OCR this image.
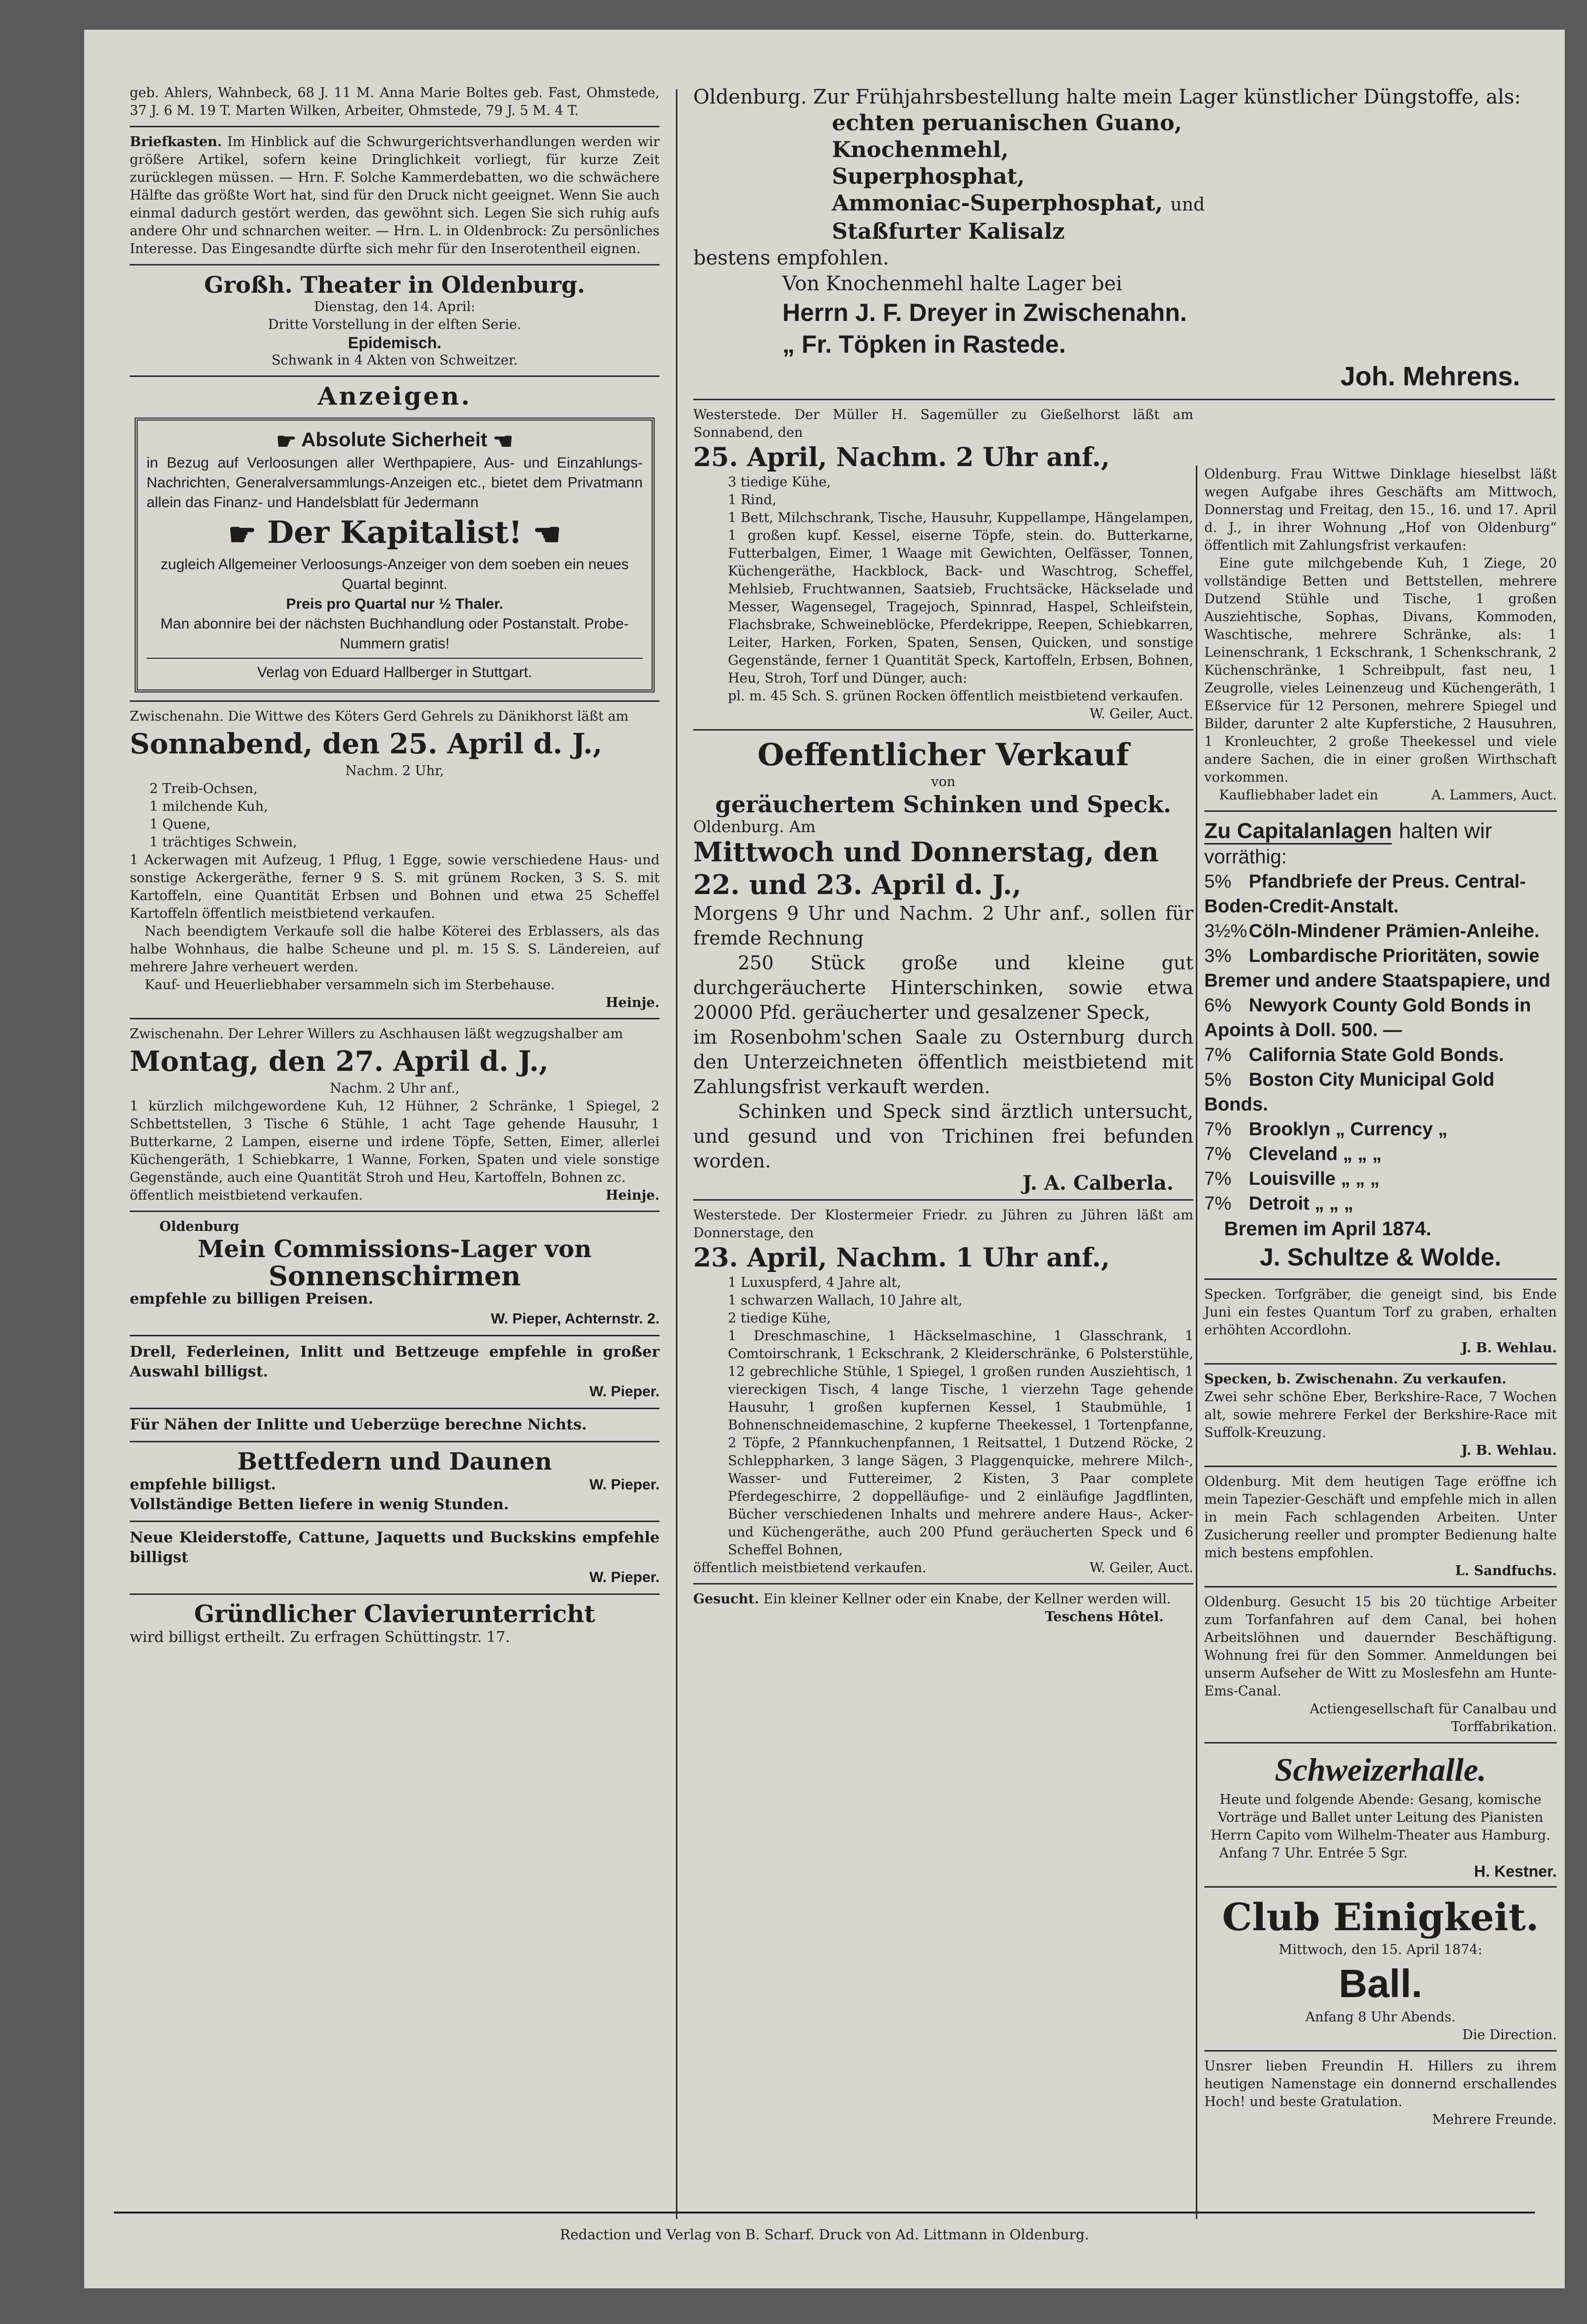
geb. Ahlers, Wahnbeck, 68 J. 11 M. Anna Marie Boltes geb. Fast, Ohmstede, 37 J. 6 M. 19 T. Marten Wilken, Arbeiter, Ohmstede, 79 J. 5 M. 4 T.

Briefkasten. Im Hinblick auf die Schwurgerichtsverhandlungen werden wir größere Artikel, sofern keine Dringlichkeit vorliegt, für kurze Zeit zurücklegen müssen. — Hrn. F. Solche Kammerdebatten, wo die schwächere Hälfte das größte Wort hat, sind für den Druck nicht geeignet. Wenn Sie auch einmal dadurch gestört werden, das gewöhnt sich. Legen Sie sich ruhig aufs andere Ohr und schnarchen weiter. — Hrn. L. in Oldenbrock: Zu persönliches Interesse. Das Eingesandte dürfte sich mehr für den Inserotentheil eignen.

Großh. Theater in Oldenburg.

Dienstag, den 14. April:

Dritte Vorstellung in der elften Serie.

Epidemisch.

Schwank in 4 Akten von Schweitzer.

Anzeigen.

☛ Absolute Sicherheit ☚

in Bezug auf Verloosungen aller Werthpapiere, Aus- und Einzahlungs-Nachrichten, Generalversammlungs-Anzeigen etc., bietet dem Privatmann allein das Finanz- und Handelsblatt für Jedermann

☛ Der Kapitalist! ☚

zugleich Allgemeiner Verloosungs-Anzeiger von dem soeben ein neues Quartal beginnt.

Preis pro Quartal nur ½ Thaler.

Man abonnire bei der nächsten Buchhandlung oder Postanstalt. Probe-Nummern gratis!

Verlag von Eduard Hallberger in Stuttgart.

Zwischenahn. Die Wittwe des Köters Gerd Gehrels zu Dänikhorst läßt am

Sonnabend, den 25. April d. J.,

Nachm. 2 Uhr,

2 Treib-Ochsen,

1 milchende Kuh,

1 Quene,

1 trächtiges Schwein,

1 Ackerwagen mit Aufzeug, 1 Pflug, 1 Egge, sowie verschiedene Haus- und sonstige Ackergeräthe, ferner 9 S. S. mit grünem Rocken, 3 S. S. mit Kartoffeln, eine Quantität Erbsen und Bohnen und etwa 25 Scheffel Kartoffeln öffentlich meistbietend verkaufen.

Nach beendigtem Verkaufe soll die halbe Köterei des Erblassers, als das halbe Wohnhaus, die halbe Scheune und pl. m. 15 S. S. Ländereien, auf mehrere Jahre verheuert werden.

Kauf- und Heuerliebhaber versammeln sich im Sterbehause.

Heinje.

Zwischenahn. Der Lehrer Willers zu Aschhausen läßt wegzugshalber am

Montag, den 27. April d. J.,

Nachm. 2 Uhr anf.,

1 kürzlich milchgewordene Kuh, 12 Hühner, 2 Schränke, 1 Spiegel, 2 Schbettstellen, 3 Tische 6 Stühle, 1 acht Tage gehende Hausuhr, 1 Butterkarne, 2 Lampen, eiserne und irdene Töpfe, Setten, Eimer, allerlei Küchengeräth, 1 Schiebkarre, 1 Wanne, Forken, Spaten und viele sonstige Gegenstände, auch eine Quantität Stroh und Heu, Kartoffeln, Bohnen zc.

öffentlich meistbietend verkaufen.	Heinje.

Oldenburg

Mein Commissions-Lager von

Sonnenschirmen

empfehle zu billigen Preisen.

W. Pieper, Achternstr. 2.

Drell, Federleinen, Inlitt und Bettzeuge empfehle in großer Auswahl billigst.

W. Pieper.

Für Nähen der Inlitte und Ueberzüge berechne Nichts.

Bettfedern und Daunen

empfehle billigst.	W. Pieper.

Vollständige Betten liefere in wenig Stunden.

Neue Kleiderstoffe, Cattune, Jaquetts und Buckskins empfehle billigst

W. Pieper.

Gründlicher Clavierunterricht

wird billigst ertheilt. Zu erfragen Schüttingstr. 17.

Oldenburg. Zur Frühjahrsbestellung halte mein Lager künstlicher Düngstoffe, als:

echten peruanischen Guano,

Knochenmehl,

Superphosphat,

Ammoniac-Superphosphat, und

Staßfurter Kalisalz

bestens empfohlen.

Von Knochenmehl halte Lager bei

Herrn J. F. Dreyer in Zwischenahn.

„ Fr. Töpken in Rastede.

Joh. Mehrens.

Westerstede. Der Müller H. Sagemüller zu Gießelhorst läßt am Sonnabend, den

25. April, Nachm. 2 Uhr anf.,

3 tiedige Kühe,

1 Rind,

1 Bett, Milchschrank, Tische, Hausuhr, Kuppellampe, Hängelampen, 1 großen kupf. Kessel, eiserne Töpfe, stein. do. Butterkarne, Futterbalgen, Eimer, 1 Waage mit Gewichten, Oelfässer, Tonnen, Küchengeräthe, Hackblock, Back- und Waschtrog, Scheffel, Mehlsieb, Fruchtwannen, Saatsieb, Fruchtsäcke, Häckselade und Messer, Wagensegel, Tragejoch, Spinnrad, Haspel, Schleifstein, Flachsbrake, Schweineblöcke, Pferdekrippe, Reepen, Schiebkarren, Leiter, Harken, Forken, Spaten, Sensen, Quicken, und sonstige Gegenstände, ferner 1 Quantität Speck, Kartoffeln, Erbsen, Bohnen, Heu, Stroh, Torf und Dünger, auch:

pl. m. 45 Sch. S. grünen Rocken öffentlich meistbietend verkaufen.

W. Geiler, Auct.

Oeffentlicher Verkauf

von

geräuchertem Schinken und Speck.

Oldenburg. Am

Mittwoch und Donnerstag, den 22. und 23. April d. J.,

Morgens 9 Uhr und Nachm. 2 Uhr anf., sollen für fremde Rechnung

250 Stück große und kleine gut durchgeräucherte Hinterschinken, sowie etwa 20000 Pfd. geräucherter und gesalzener Speck,

im Rosenbohm'schen Saale zu Osternburg durch den Unterzeichneten öffentlich meistbietend mit Zahlungsfrist verkauft werden.

Schinken und Speck sind ärztlich untersucht, und gesund und von Trichinen frei befunden worden.

J. A. Calberla.

Westerstede. Der Klostermeier Friedr. zu Jühren zu Jühren läßt am Donnerstage, den

23. April, Nachm. 1 Uhr anf.,

1 Luxuspferd, 4 Jahre alt,

1 schwarzen Wallach, 10 Jahre alt,

2 tiedige Kühe,

1 Dreschmaschine, 1 Häckselmaschine, 1 Glasschrank, 1 Comtoirschrank, 1 Eckschrank, 2 Kleiderschränke, 6 Polsterstühle, 12 gebrechliche Stühle, 1 Spiegel, 1 großen runden Ausziehtisch, 1 viereckigen Tisch, 4 lange Tische, 1 vierzehn Tage gehende Hausuhr, 1 großen kupfernen Kessel, 1 Staubmühle, 1 Bohnenschneidemaschine, 2 kupferne Theekessel, 1 Tortenpfanne, 2 Töpfe, 2 Pfannkuchenpfannen, 1 Reitsattel, 1 Dutzend Röcke, 2 Schleppharken, 3 lange Sägen, 3 Plaggenquicke, mehrere Milch-, Wasser- und Futtereimer, 2 Kisten, 3 Paar complete Pferdegeschirre, 2 doppelläufige- und 2 einläufige Jagdflinten, Bücher verschiedenen Inhalts und mehrere andere Haus-, Acker- und Küchengeräthe, auch 200 Pfund geräucherten Speck und 6 Scheffel Bohnen,

öffentlich meistbietend verkaufen.	W. Geiler, Auct.

Gesucht. Ein kleiner Kellner oder ein Knabe, der Kellner werden will.

Teschens Hôtel.

Oldenburg. Frau Wittwe Dinklage hieselbst läßt wegen Aufgabe ihres Geschäfts am Mittwoch, Donnerstag und Freitag, den 15., 16. und 17. April d. J., in ihrer Wohnung „Hof von Oldenburg“ öffentlich mit Zahlungsfrist verkaufen:

Eine gute milchgebende Kuh, 1 Ziege, 20 vollständige Betten und Bettstellen, mehrere Dutzend Stühle und Tische, 1 großen Ausziehtische, Sophas, Divans, Kommoden, Waschtische, mehrere Schränke, als: 1 Leinenschrank, 1 Eckschrank, 1 Schenkschrank, 2 Küchenschränke, 1 Schreibpult, fast neu, 1 Zeugrolle, vieles Leinenzeug und Küchengeräth, 1 Eßservice für 12 Personen, mehrere Spiegel und Bilder, darunter 2 alte Kupferstiche, 2 Hausuhren, 1 Kronleuchter, 2 große Theekessel und viele andere Sachen, die in einer großen Wirthschaft vorkommen.

Kaufliebhaber ladet ein	A. Lammers, Auct.

Zu Capitalanlagen halten wir

vorräthig:

5% Pfandbriefe der Preus. Central-Boden-Credit-Anstalt.
3½%Cöln-Mindener Prämien-Anleihe.
3% Lombardische Prioritäten, sowie Bremer und andere Staatspapiere, und
6% Newyork County Gold Bonds in Apoints à Doll. 500. —
7% California State Gold Bonds.
5% Boston City Municipal Gold Bonds.
7% Brooklyn „ Currency „
7% Cleveland „ „ „
7% Louisville „ „ „
7% Detroit „ „ „

Bremen im April 1874.

J. Schultze & Wolde.

Specken. Torfgräber, die geneigt sind, bis Ende Juni ein festes Quantum Torf zu graben, erhalten erhöhten Accordlohn.

J. B. Wehlau.

Specken, b. Zwischenahn. Zu verkaufen.

Zwei sehr schöne Eber, Berkshire-Race, 7 Wochen alt, sowie mehrere Ferkel der Berkshire-Race mit Suffolk-Kreuzung.

J. B. Wehlau.

Oldenburg. Mit dem heutigen Tage eröffne ich mein Tapezier-Geschäft und empfehle mich in allen in mein Fach schlagenden Arbeiten. Unter Zusicherung reeller und prompter Bedienung halte mich bestens empfohlen.

L. Sandfuchs.

Oldenburg. Gesucht 15 bis 20 tüchtige Arbeiter zum Torfanfahren auf dem Canal, bei hohen Arbeitslöhnen und dauernder Beschäftigung. Wohnung frei für den Sommer. Anmeldungen bei unserm Aufseher de Witt zu Moslesfehn am Hunte-Ems-Canal.

Actiengesellschaft für Canalbau und Torffabrikation.

Schweizerhalle.

Heute und folgende Abende: Gesang, komische Vorträge und Ballet unter Leitung des Pianisten Herrn Capito vom Wilhelm-Theater aus Hamburg.

Anfang 7 Uhr. Entrée 5 Sgr.

H. Kestner.

Club Einigkeit.

Mittwoch, den 15. April 1874:

Ball.

Anfang 8 Uhr Abends.

Die Direction.

Unsrer lieben Freundin H. Hillers zu ihrem heutigen Namenstage ein donnernd erschallendes Hoch! und beste Gratulation.

Mehrere Freunde.

Redaction und Verlag von B. Scharf. Druck von Ad. Littmann in Oldenburg.
